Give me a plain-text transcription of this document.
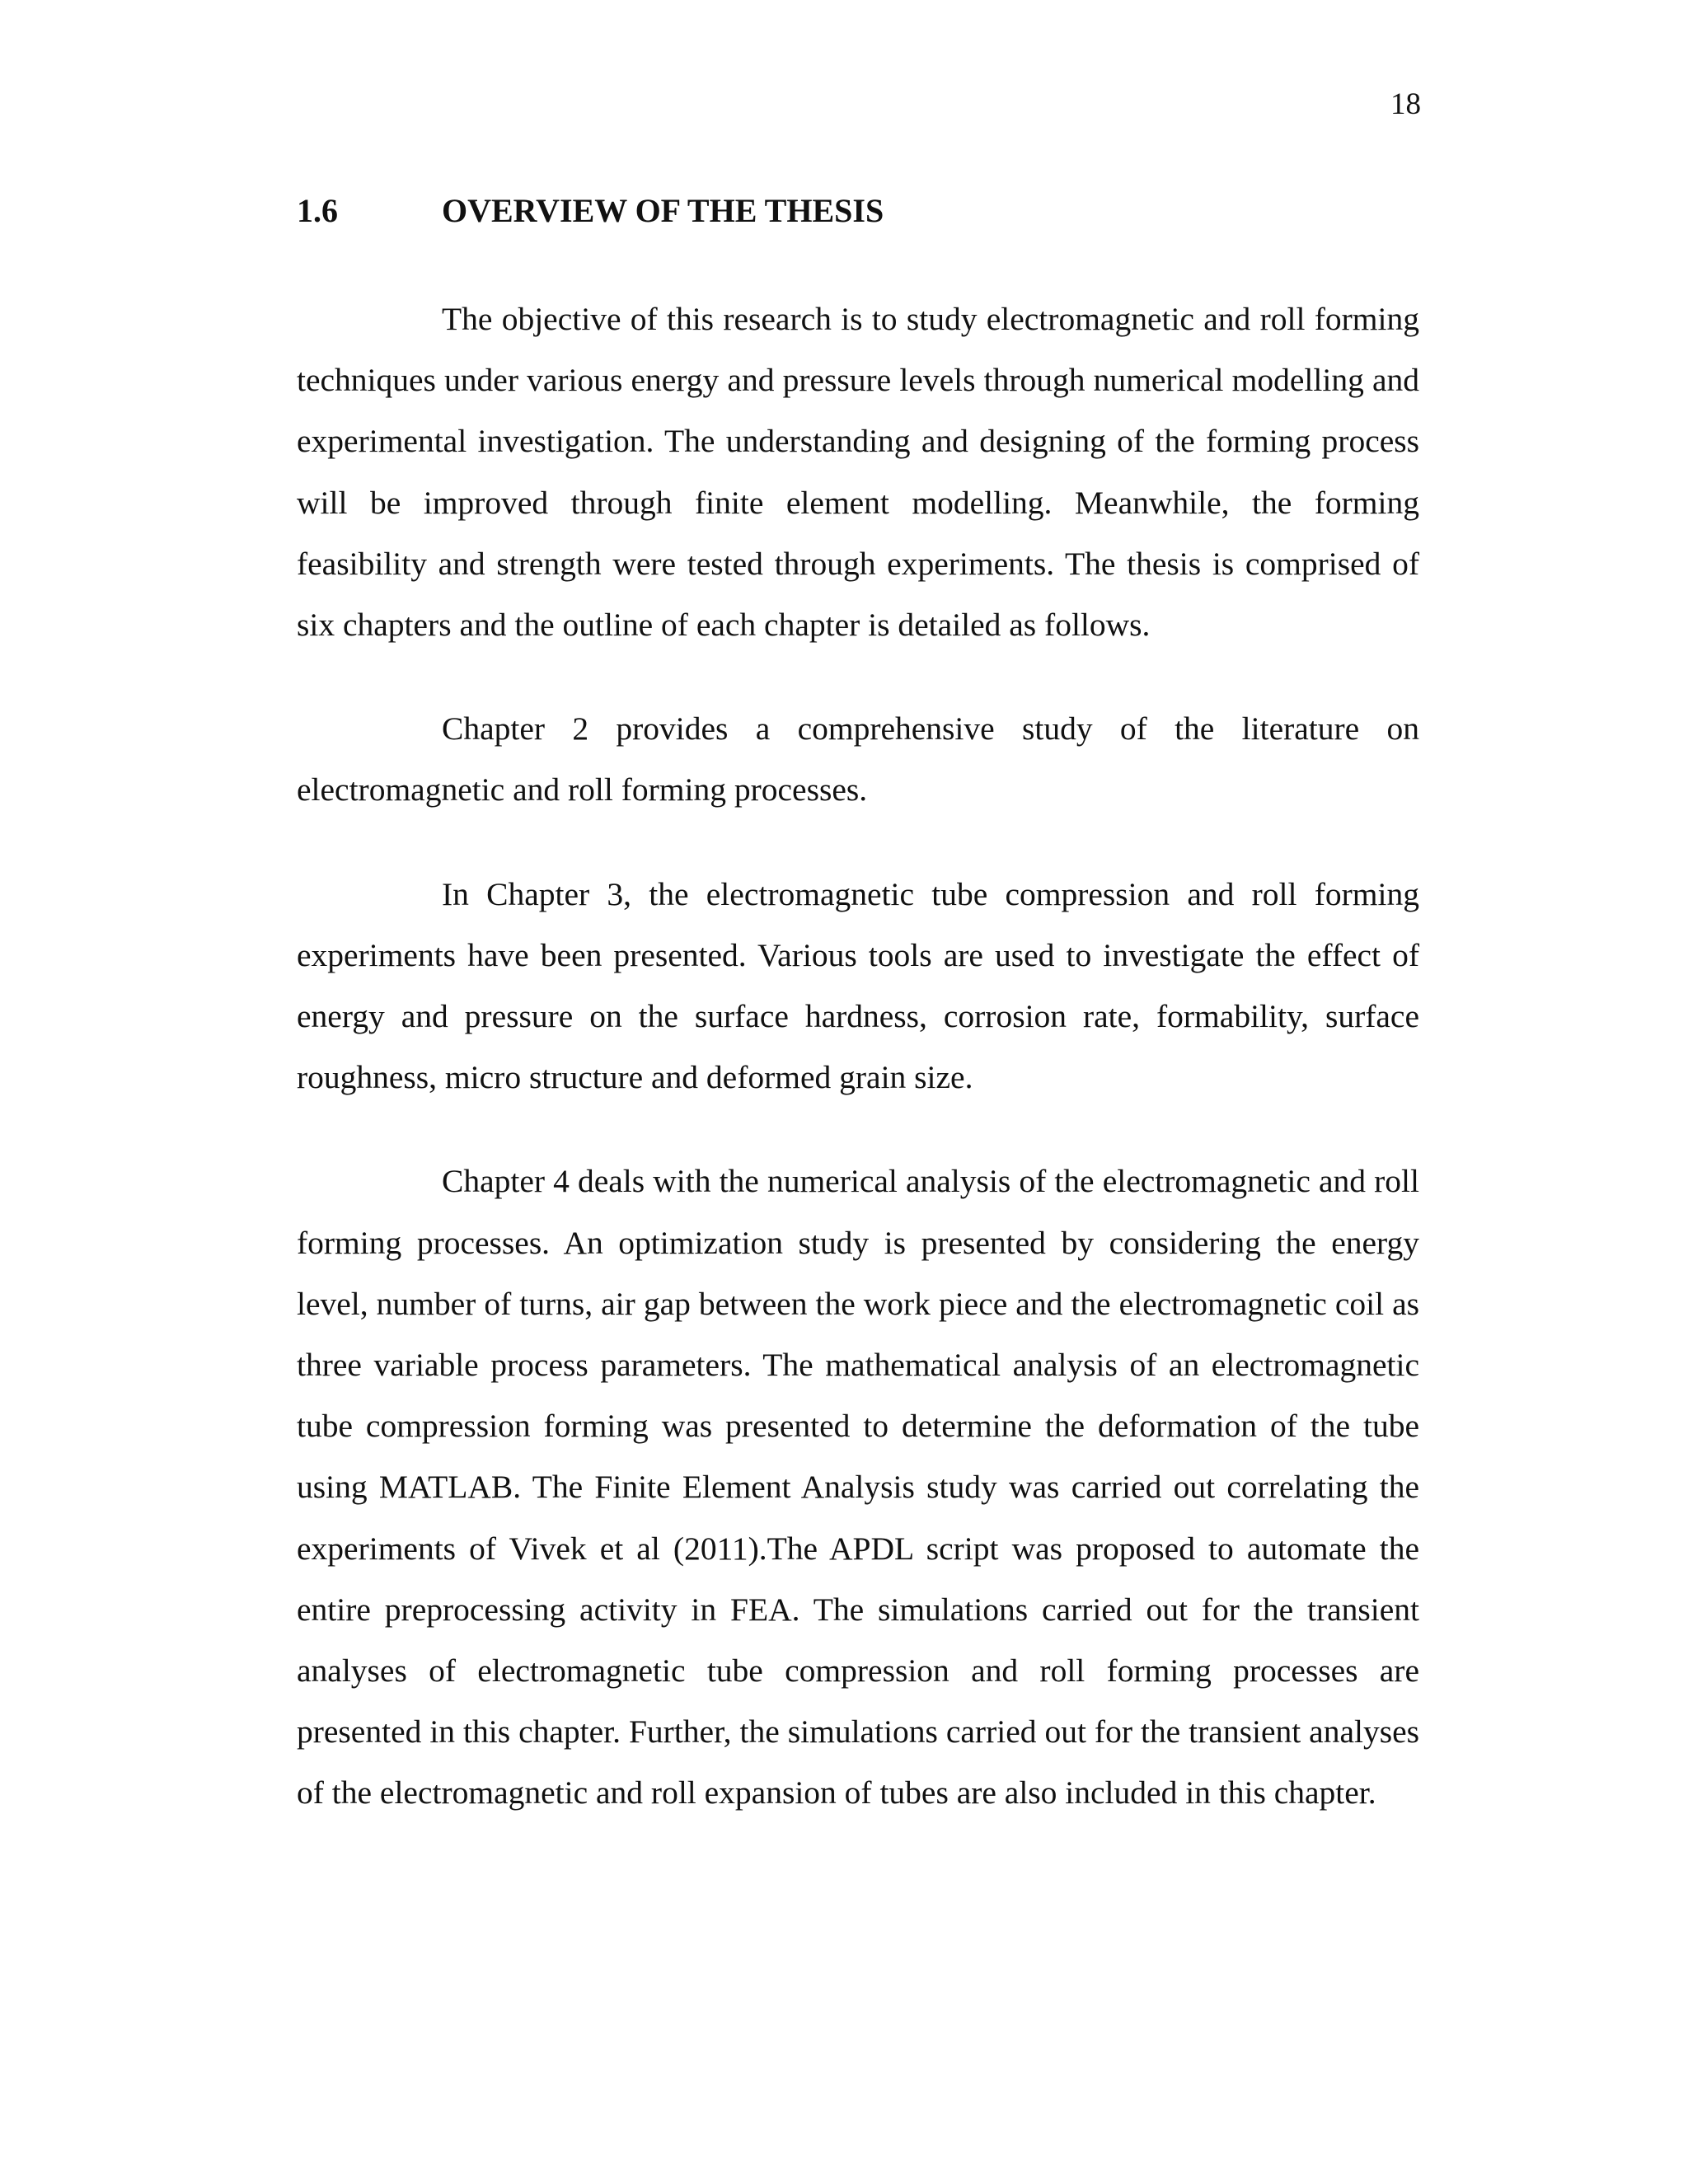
18
1.6	OVERVIEW OF THE THESIS

The objective of this research is to study electromagnetic and roll forming techniques under various energy and pressure levels through numerical modelling and experimental investigation. The understanding and designing of the forming process will be improved through finite element modelling. Meanwhile, the forming feasibility and strength were tested through experiments. The thesis is comprised of six chapters and the outline of each chapter is detailed as follows.

Chapter 2 provides a comprehensive study of the literature on electromagnetic and roll forming processes.

In Chapter 3, the electromagnetic tube compression and roll forming experiments have been presented. Various tools are used to investigate the effect of energy and pressure on the surface hardness, corrosion rate, formability, surface roughness, micro structure and deformed grain size.

Chapter 4 deals with the numerical analysis of the electromagnetic and roll forming processes. An optimization study is presented by considering the energy level, number of turns, air gap between the work piece and the electromagnetic coil as three variable process parameters. The mathematical analysis of an electromagnetic tube compression forming was presented to determine the deformation of the tube using MATLAB. The Finite Element Analysis study was carried out correlating the experiments of Vivek et al (2011).The APDL script was proposed to automate the entire preprocessing activity in FEA. The simulations carried out for the transient analyses of electromagnetic tube compression and roll forming processes are presented in this chapter. Further, the simulations carried out for the transient analyses of the electromagnetic and roll expansion of tubes are also included in this chapter.
